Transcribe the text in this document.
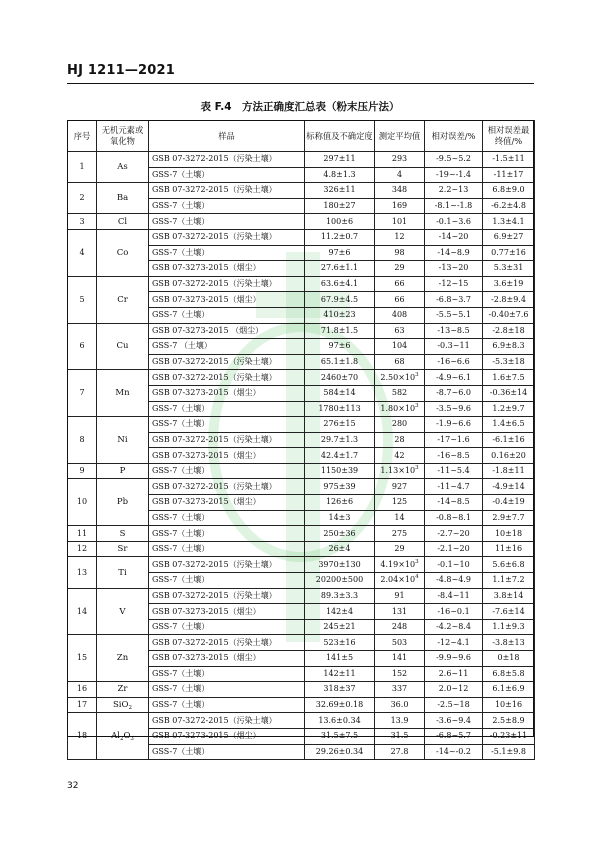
HJ 1211—2021
表 F.4　方法正确度汇总表（粉末压片法）
序号	无机元素或氧化物	样品	标称值及不确定度	测定平均值	相对误差/%	相对误差最终值/%
1	As	GSB 07-3272-2015（污染土壤）	297±11	293	-9.5~5.2	-1.5±11
		GSS-7（土壤）	4.8±1.3	4	-19~-1.4	-11±17
2	Ba	GSB 07-3272-2015（污染土壤）	326±11	348	2.2~13	6.8±9.0
		GSS-7（土壤）	180±27	169	-8.1~-1.8	-6.2±4.8
3	Cl	GSS-7（土壤）	100±6	101	-0.1~3.6	1.3±4.1
4	Co	GSB 07-3272-2015（污染土壤）	11.2±0.7	12	-14~20	6.9±27
		GSS-7（土壤）	97±6	98	-14~8.9	0.77±16
		GSB 07-3273-2015（烟尘）	27.6±1.1	29	-13~20	5.3±31
5	Cr	GSB 07-3272-2015（污染土壤）	63.6±4.1	66	-12~15	3.6±19
		GSB 07-3273-2015（烟尘）	67.9±4.5	66	-6.8~3.7	-2.8±9.4
		GSS-7（土壤）	410±23	408	-5.5~5.1	-0.40±7.6
6	Cu	GSB 07-3273-2015 （烟尘）	71.8±1.5	63	-13~8.5	-2.8±18
		GSS-7 （土壤）	97±6	104	-0.3~11	6.9±8.3
		GSB 07-3272-2015（污染土壤）	65.1±1.8	68	-16~6.6	-5.3±18
7	Mn	GSB 07-3272-2015（污染土壤）	2460±70	$2.50\times 10^3$	-4.9~6.1	1.6±7.5
		GSB 07-3273-2015（烟尘）	584±14	582	-8.7~6.0	-0.36±14
		GSS-7（土壤）	1780±113	$1.80\times 10^3$	-3.5~9.6	1.2±9.7
8	Ni	GSS-7（土壤）	276±15	280	-1.9~6.6	1.4±6.5
		GSB 07-3272-2015（污染土壤）	29.7±1.3	28	-17~1.6	-6.1±16
		GSB 07-3273-2015（烟尘）	42.4±1.7	42	-16~8.5	0.16±20
9	P	GSS-7（土壤）	1150±39	$1.13\times 10^3$	-11~5.4	-1.8±11
10	Pb	GSB 07-3272-2015（污染土壤）	975±39	927	-11~4.7	-4.9±14
		GSB 07-3273-2015（烟尘）	126±6	125	-14~8.5	-0.4±19
		GSS-7（土壤）	14±3	14	-0.8~8.1	2.9±7.7
11	S	GSS-7（土壤）	250±36	275	-2.7~20	10±18
12	Sr	GSS-7（土壤）	26±4	29	-2.1~20	11±16
13	Ti	GSB 07-3272-2015（污染土壤）	3970±130	$4.19\times 10^3$	-0.1~10	5.6±6.8
		GSS-7（土壤）	20200±500	$2.04\times 10^4$	-4.8~4.9	1.1±7.2
14	V	GSB 07-3272-2015（污染土壤）	89.3±3.3	91	-8.4~11	3.8±14
		GSB 07-3273-2015（烟尘）	142±4	131	-16~0.1	-7.6±14
		GSS-7（土壤）	245±21	248	-4.2~8.4	1.1±9.3
15	Zn	GSB 07-3272-2015（污染土壤）	523±16	503	-12~4.1	-3.8±13
		GSB 07-3273-2015（烟尘）	141±5	141	-9.9~9.6	0±18
		GSS-7（土壤）	142±11	152	2.6~11	6.8±5.8
16	Zr	GSS-7（土壤）	318±37	337	2.0~12	6.1±6.9
17	SiO$_2$	GSS-7（土壤）	32.69±0.18	36.0	-2.5~18	10±16
18	$Al_2O_3$	GSB 07-3272-2015（污染土壤）	13.6±0.34	13.9	-3.6~9.4	2.5±8.9
		GSB 07-3273-2015（烟尘）	31.5±7.5	31.5	-6.8~5.7	-0.23±11
		GSS-7（土壤）	29.26±0.34	27.8	-14~-0.2	-5.1±9.8
32
